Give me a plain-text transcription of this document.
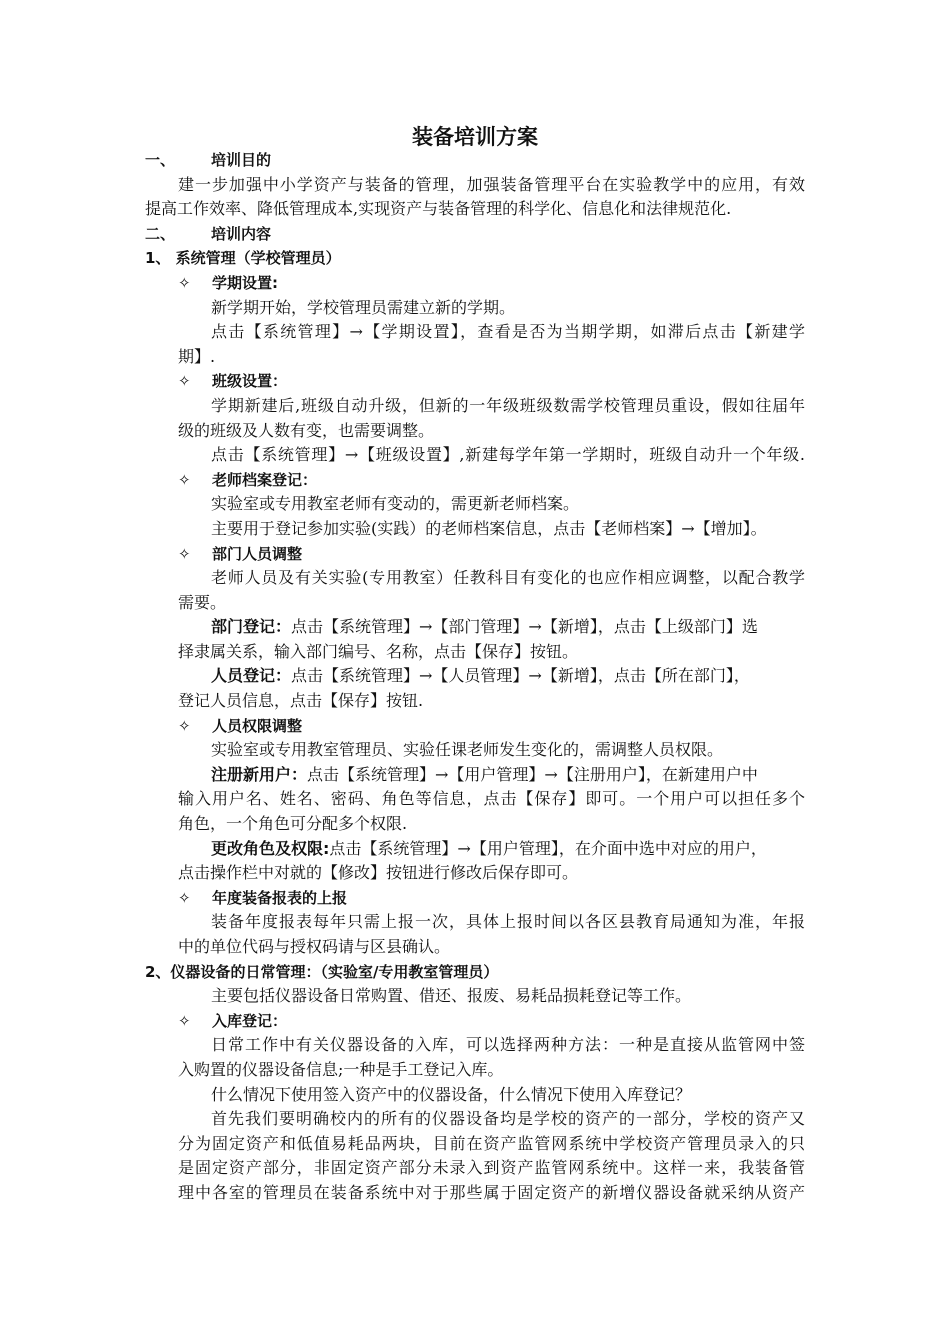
装备培训方案
一、 培训目的
建一步加强中小学资产与装备的管理，加强装备管理平台在实验教学中的应用，有效
提高工作效率、降低管理成本,实现资产与装备管理的科学化、信息化和法律规范化.
二、 培训内容
1、 系统管理（学校管理员）
✧ 学期设置:
新学期开始，学校管理员需建立新的学期。
点击【系统管理】→【学期设置】，查看是否为当期学期，如滞后点击【新建学
期】.
✧ 班级设置：
学期新建后,班级自动升级，但新的一年级班级数需学校管理员重设，假如往届年
级的班级及人数有变，也需要调整。
点击【系统管理】→【班级设置】,新建每学年第一学期时，班级自动升一个年级.
✧ 老师档案登记：
实验室或专用教室老师有变动的，需更新老师档案。
主要用于登记参加实验(实践）的老师档案信息，点击【老师档案】→【增加】。
✧ 部门人员调整
老师人员及有关实验(专用教室）任教科目有变化的也应作相应调整，以配合教学
需要。
部门登记：点击【系统管理】→【部门管理】→【新增】，点击【上级部门】选
择隶属关系，输入部门编号、名称，点击【保存】按钮。
人员登记：点击【系统管理】→【人员管理】→【新增】，点击【所在部门】，
登记人员信息，点击【保存】按钮.
✧ 人员权限调整
实验室或专用教室管理员、实验任课老师发生变化的，需调整人员权限。
注册新用户：点击【系统管理】→【用户管理】→【注册用户】，在新建用户中
输入用户名、姓名、密码、角色等信息，点击【保存】即可。一个用户可以担任多个
角色，一个角色可分配多个权限.
更改角色及权限:点击【系统管理】→【用户管理】，在介面中选中对应的用户，
点击操作栏中对就的【修改】按钮进行修改后保存即可。
✧ 年度装备报表的上报
装备年度报表每年只需上报一次，具体上报时间以各区县教育局通知为准，年报
中的单位代码与授权码请与区县确认。
2、仪器设备的日常管理：（实验室/专用教室管理员）
主要包括仪器设备日常购置、借还、报废、易耗品损耗登记等工作。
✧ 入库登记：
日常工作中有关仪器设备的入库，可以选择两种方法：一种是直接从监管网中签
入购置的仪器设备信息;一种是手工登记入库。
什么情况下使用签入资产中的仪器设备，什么情况下使用入库登记？
首先我们要明确校内的所有的仪器设备均是学校的资产的一部分，学校的资产又
分为固定资产和低值易耗品两块，目前在资产监管网系统中学校资产管理员录入的只
是固定资产部分，非固定资产部分未录入到资产监管网系统中。这样一来，我装备管
理中各室的管理员在装备系统中对于那些属于固定资产的新增仪器设备就采纳从资产
